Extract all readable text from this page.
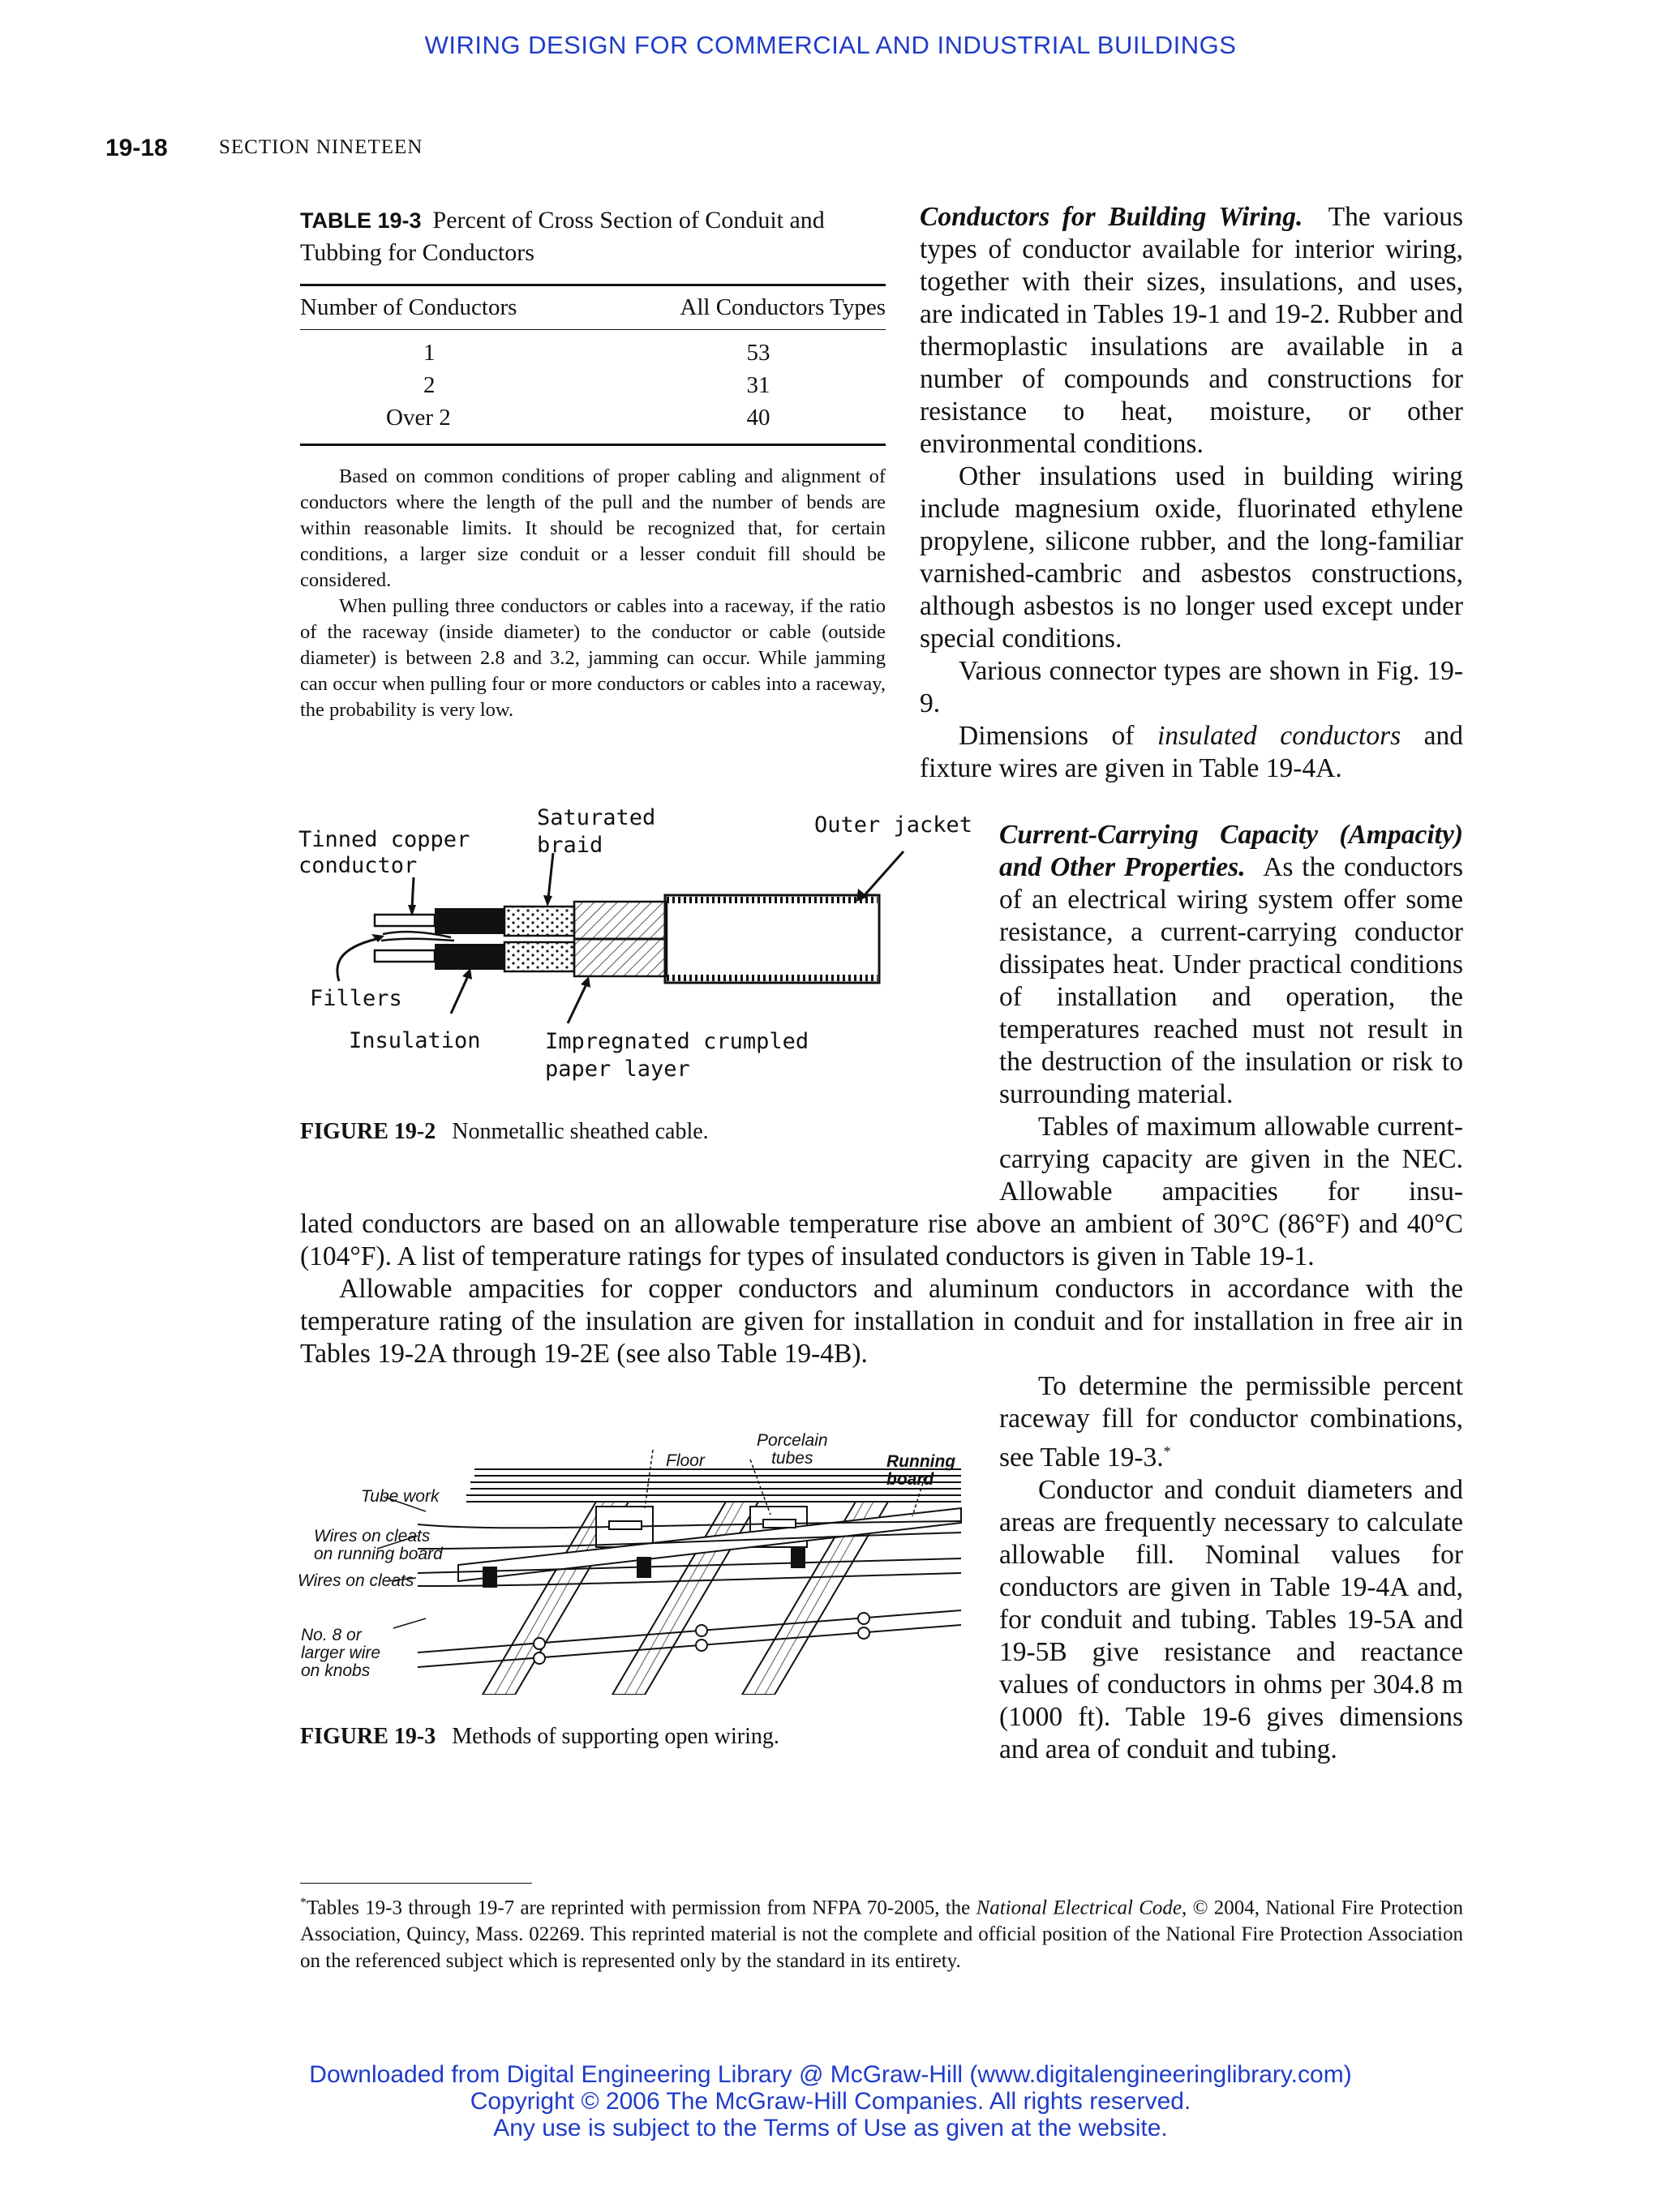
WIRING DESIGN FOR COMMERCIAL AND INDUSTRIAL BUILDINGS
19-18	SECTION NINETEEN
TABLE 19-3 Percent of Cross Section of Conduit and Tubbing for Conductors
Number of Conductors	All Conductors Types

1	53
2	31
Over 2	40

Based on common conditions of proper cabling and alignment of conductors where the length of the pull and the number of bends are within reasonable limits. It should be recognized that, for certain conditions, a larger size conduit or a lesser conduit fill should be considered.

When pulling three conductors or cables into a raceway, if the ratio of the raceway (inside diameter) to the conductor or cable (outside diameter) is between 2.8 and 3.2, jamming can occur. While jamming can occur when pulling four or more conductors or cables into a raceway, the probability is very low.

Conductors for Building Wiring. The various types of conductor available for interior wiring, together with their sizes, insulations, and uses, are indicated in Tables 19-1 and 19-2. Rubber and thermoplastic insulations are available in a number of compounds and constructions for resistance to heat, moisture, or other environmental conditions.

Other insulations used in building wiring include magnesium oxide, fluorinated ethylene propylene, silicone rubber, and the long-familiar varnished-cambric and asbestos constructions, although asbestos is no longer used except under special conditions.

Various connector types are shown in Fig. 19-9.

Dimensions of insulated conductors and fixture wires are given in Table 19-4A.

Tinned copper
conductor
Saturated
braid
Outer jacket
Fillers
Insulation	Impregnated crumpled
paper layer
FIGURE 19-2 Nonmetallic sheathed cable.

Current-Carrying Capacity (Ampacity) and Other Properties. As the conductors of an electrical wiring system offer some resistance, a current-carrying conductor dissipates heat. Under practical conditions of installation and operation, the temperatures reached must not result in the destruction of the insulation or risk to surrounding material.

Tables of maximum allowable current-carrying capacity are given in the NEC. Allowable ampacities for insu-

lated conductors are based on an allowable temperature rise above an ambient of 30°C (86°F) and 40°C (104°F). A list of temperature ratings for types of insulated conductors is given in Table 19-1.

Allowable ampacities for copper conductors and aluminum conductors in accordance with the temperature rating of the insulation are given for installation in conduit and for installation in free air in Tables 19-2A through 19-2E (see also Table 19-4B).

Floor
Porcelain
tubes	Running
board
Tube work
Wires on cleats
on running board
Wires on cleats
No. 8 or
larger wire
on knobs
FIGURE 19-3 Methods of supporting open wiring.

To determine the permissible percent raceway fill for conductor combinations, see Table 19-3.*

Conductor and conduit diameters and areas are frequently necessary to calculate allowable fill. Nominal values for conductors are given in Table 19-4A and, for conduit and tubing. Tables 19-5A and 19-5B give resistance and reactance values of conductors in ohms per 304.8 m (1000 ft). Table 19-6 gives dimensions and area of conduit and tubing.

*Tables 19-3 through 19-7 are reprinted with permission from NFPA 70-2005, the National Electrical Code, © 2004, National Fire Protection Association, Quincy, Mass. 02269. This reprinted material is not the complete and official position of the National Fire Protection Association on the referenced subject which is represented only by the standard in its entirety.
Downloaded from Digital Engineering Library @ McGraw-Hill (www.digitalengineeringlibrary.com)
Copyright © 2006 The McGraw-Hill Companies. All rights reserved.
Any use is subject to the Terms of Use as given at the website.
